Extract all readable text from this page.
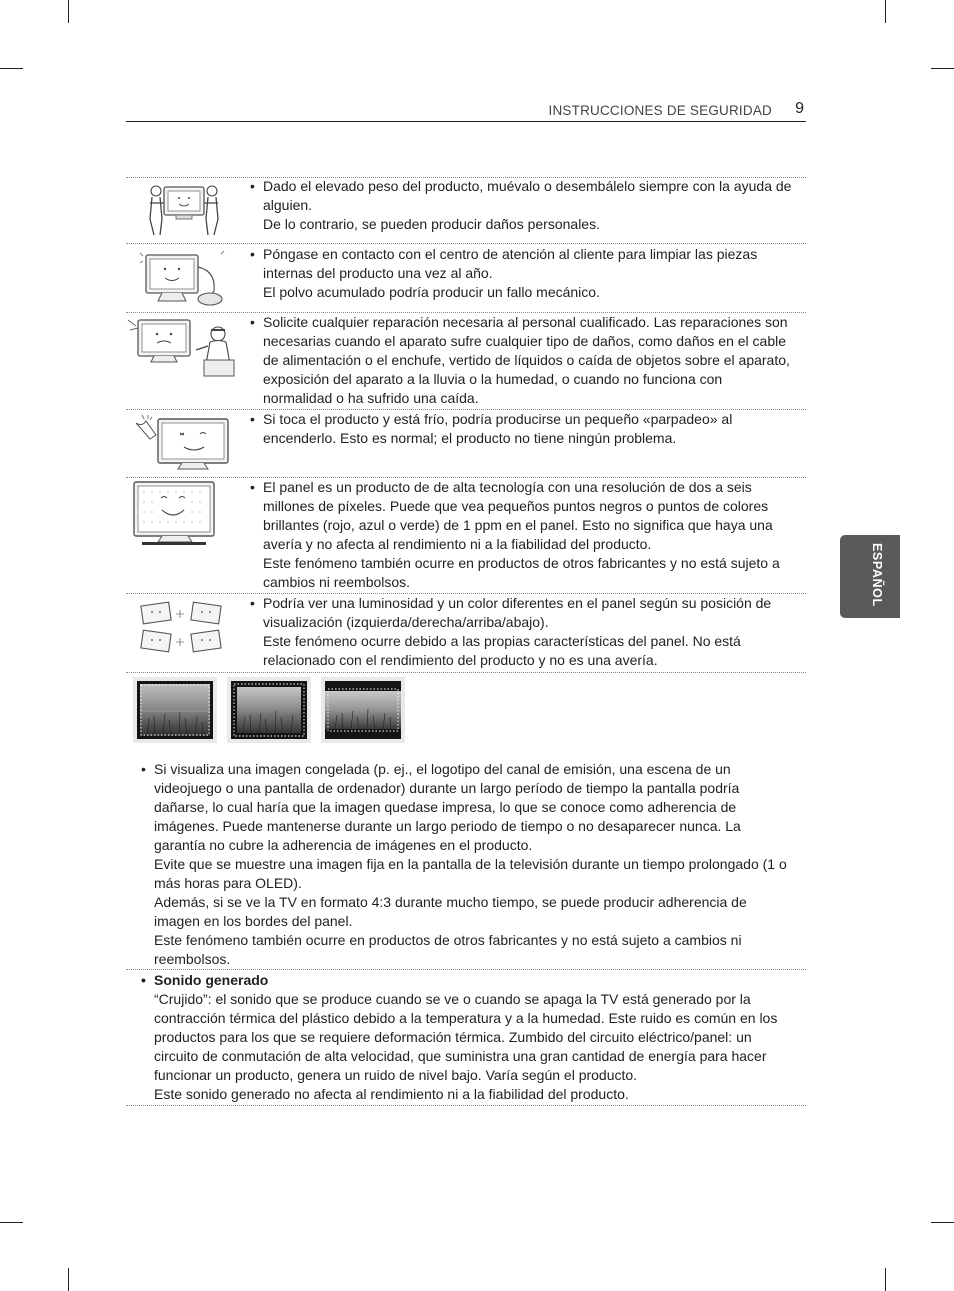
INSTRUCCIONES DE SEGURIDAD 9
ESPAÑOL
• Dado el elevado peso del producto, muévalo o desembálelo siempre con la ayuda de alguien.

De lo contrario, se pueden producir daños personales.

• Póngase en contacto con el centro de atención al cliente para limpiar las piezas internas del producto una vez al año.

El polvo acumulado podría producir un fallo mecánico.

• Solicite cualquier reparación necesaria al personal cualificado. Las reparaciones son necesarias cuando el aparato sufre cualquier tipo de daños, como daños en el cable de alimentación o el enchufe, vertido de líquidos o caída de objetos sobre el aparato, exposición del aparato a la lluvia o la humedad, o cuando no funciona con normalidad o ha sufrido una caída.

• Si toca el producto y está frío, podría producirse un pequeño «parpadeo» al encenderlo. Esto es normal; el producto no tiene ningún problema.

• El panel es un producto de de alta tecnología con una resolución de dos a seis millones de píxeles. Puede que vea pequeños puntos negros o puntos de colores brillantes (rojo, azul o verde) de 1 ppm en el panel. Esto no significa que haya una avería y no afecta al rendimiento ni a la fiabilidad del producto.

Este fenómeno también ocurre en productos de otros fabricantes y no está sujeto a cambios ni reembolsos.

• Podría ver una luminosidad y un color diferentes en el panel según su posición de visualización (izquierda/derecha/arriba/abajo).

Este fenómeno ocurre debido a las propias características del panel. No está relacionado con el rendimiento del producto y no es una avería.

• Si visualiza una imagen congelada (p. ej., el logotipo del canal de emisión, una escena de un videojuego o una pantalla de ordenador) durante un largo período de tiempo la pantalla podría dañarse, lo cual haría que la imagen quedase impresa, lo que se conoce como adherencia de imágenes. Puede mantenerse durante un largo periodo de tiempo o no desaparecer nunca. La garantía no cubre la adherencia de imágenes en el producto.

Evite que se muestre una imagen fija en la pantalla de la televisión durante un tiempo prolongado (1 o más horas para OLED).

Además, si se ve la TV en formato 4:3 durante mucho tiempo, se puede producir adherencia de imagen en los bordes del panel.

Este fenómeno también ocurre en productos de otros fabricantes y no está sujeto a cambios ni reembolsos.

• Sonido generado

“Crujido”: el sonido que se produce cuando se ve o cuando se apaga la TV está generado por la contracción térmica del plástico debido a la temperatura y a la humedad. Este ruido es común en los productos para los que se requiere deformación térmica. Zumbido del circuito eléctrico/panel: un circuito de conmutación de alta velocidad, que suministra una gran cantidad de energía para hacer funcionar un producto, genera un ruido de nivel bajo. Varía según el producto.

Este sonido generado no afecta al rendimiento ni a la fiabilidad del producto.
